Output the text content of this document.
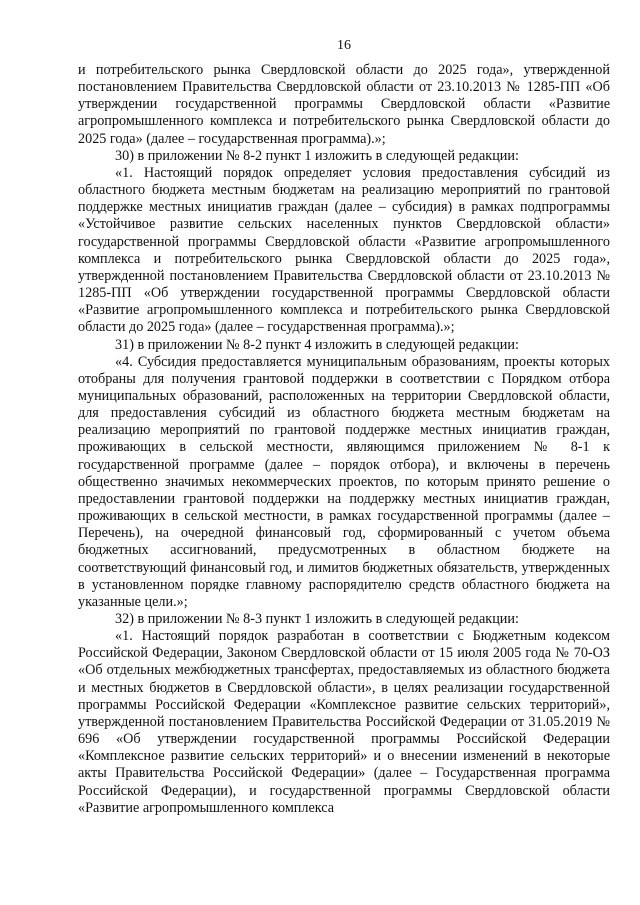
16

и потребительского рынка Свердловской области до 2025 года», утвержденной постановлением Правительства Свердловской области от 23.10.2013 № 1285-ПП «Об утверждении государственной программы Свердловской области «Развитие агропромышленного комплекса и потребительского рынка Свердловской области до 2025 года» (далее – государственная программа).»;

30) в приложении № 8-2 пункт 1 изложить в следующей редакции:

«1. Настоящий порядок определяет условия предоставления субсидий из областного бюджета местным бюджетам на реализацию мероприятий по грантовой поддержке местных инициатив граждан (далее – субсидия) в рамках подпрограммы «Устойчивое развитие сельских населенных пунктов Свердловской области» государственной программы Свердловской области «Развитие агропромышленного комплекса и потребительского рынка Свердловской области до 2025 года», утвержденной постановлением Правительства Свердловской области от 23.10.2013 № 1285-ПП «Об утверждении государственной программы Свердловской области «Развитие агропромышленного комплекса и потребительского рынка Свердловской области до 2025 года» (далее – государственная программа).»;

31) в приложении № 8-2 пункт 4 изложить в следующей редакции:

«4. Субсидия предоставляется муниципальным образованиям, проекты которых отобраны для получения грантовой поддержки в соответствии с Порядком отбора муниципальных образований, расположенных на территории Свердловской области, для предоставления субсидий из областного бюджета местным бюджетам на реализацию мероприятий по грантовой поддержке местных инициатив граждан, проживающих в сельской местности, являющимся приложением № 8-1 к государственной программе (далее – порядок отбора), и включены в перечень общественно значимых некоммерческих проектов, по которым принято решение о предоставлении грантовой поддержки на поддержку местных инициатив граждан, проживающих в сельской местности, в рамках государственной программы (далее – Перечень), на очередной финансовый год, сформированный с учетом объема бюджетных ассигнований, предусмотренных в областном бюджете на соответствующий финансовый год, и лимитов бюджетных обязательств, утвержденных в установленном порядке главному распорядителю средств областного бюджета на указанные цели.»;

32) в приложении № 8-3 пункт 1 изложить в следующей редакции:

«1. Настоящий порядок разработан в соответствии с Бюджетным кодексом Российской Федерации, Законом Свердловской области от 15 июля 2005 года № 70-ОЗ «Об отдельных межбюджетных трансфертах, предоставляемых из областного бюджета и местных бюджетов в Свердловской области», в целях реализации государственной программы Российской Федерации «Комплексное развитие сельских территорий», утвержденной постановлением Правительства Российской Федерации от 31.05.2019 № 696 «Об утверждении государственной программы Российской Федерации «Комплексное развитие сельских территорий» и о внесении изменений в некоторые акты Правительства Российской Федерации» (далее – Государственная программа Российской Федерации), и государственной программы Свердловской области «Развитие агропромышленного комплекса
